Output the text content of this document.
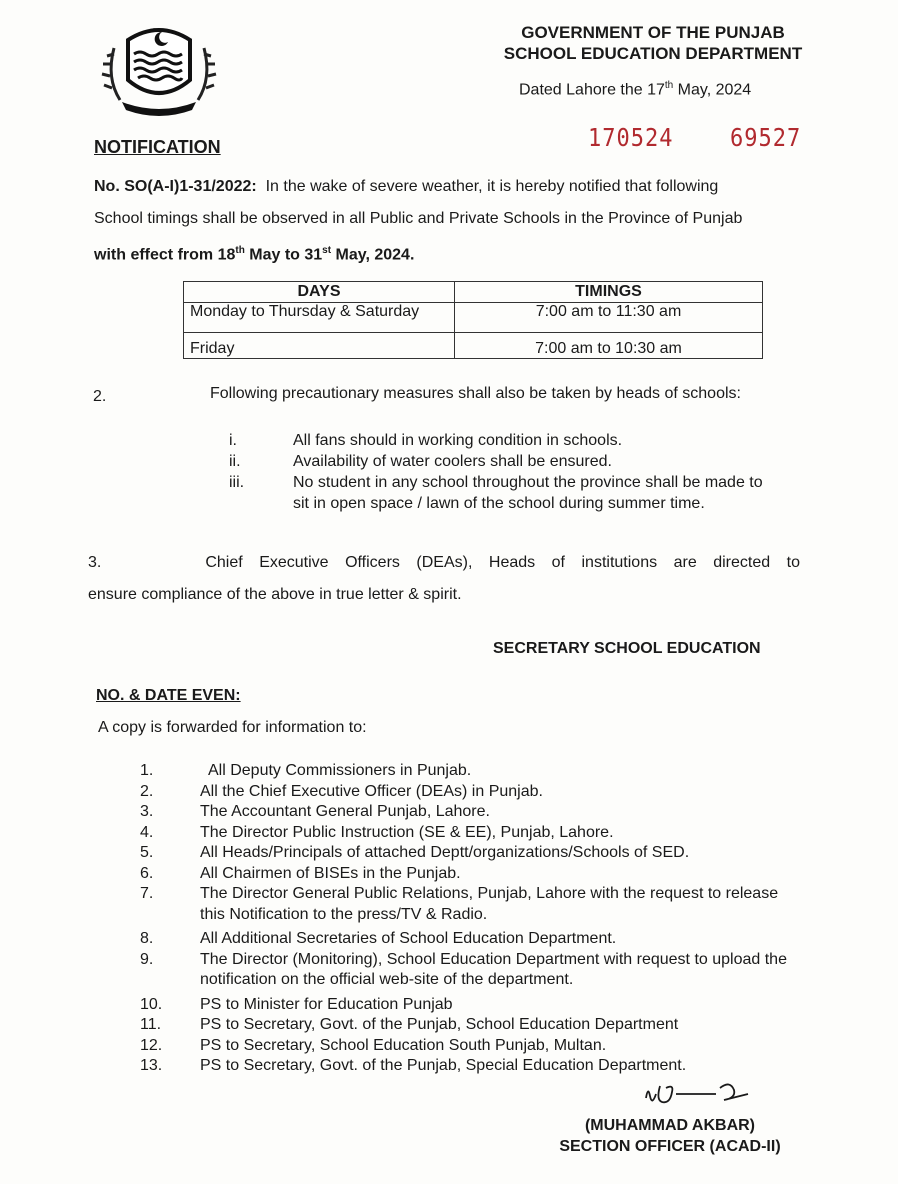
GOVERNMENT OF THE PUNJAB
SCHOOL EDUCATION DEPARTMENT
Dated Lahore the 17th May, 2024
NOTIFICATION	170524	69527
No. SO(A-I)1-31/2022: In the wake of severe weather, it is hereby notified that following
School timings shall be observed in all Public and Private Schools in the Province of Punjab
with effect from 18th May to 31st May, 2024.
DAYS	TIMINGS
Monday to Thursday & Saturday	7:00 am to 11:30 am
Friday	7:00 am to 10:30 am
2.	Following precautionary measures shall also be taken by heads of schools:
i.	All fans should in working condition in schools.
ii.	Availability of water coolers shall be ensured.
iii.	No student in any school throughout the province shall be made to sit in open space / lawn of the school during summer time.
3.	Chief Executive Officers (DEAs), Heads of institutions are directed to
ensure compliance of the above in true letter & spirit.
SECRETARY SCHOOL EDUCATION
NO. & DATE EVEN:
A copy is forwarded for information to:
1.	All Deputy Commissioners in Punjab.
2.	All the Chief Executive Officer (DEAs) in Punjab.
3.	The Accountant General Punjab, Lahore.
4.	The Director Public Instruction (SE & EE), Punjab, Lahore.
5.	All Heads/Principals of attached Deptt/organizations/Schools of SED.
6.	All Chairmen of BISEs in the Punjab.
7.	The Director General Public Relations, Punjab, Lahore with the request to release this Notification to the press/TV & Radio.
8.	All Additional Secretaries of School Education Department.
9.	The Director (Monitoring), School Education Department with request to upload the notification on the official web-site of the department.
10.	PS to Minister for Education Punjab
11.	PS to Secretary, Govt. of the Punjab, School Education Department
12.	PS to Secretary, School Education South Punjab, Multan.
13.	PS to Secretary, Govt. of the Punjab, Special Education Department.
(MUHAMMAD AKBAR)
SECTION OFFICER (ACAD-II)
